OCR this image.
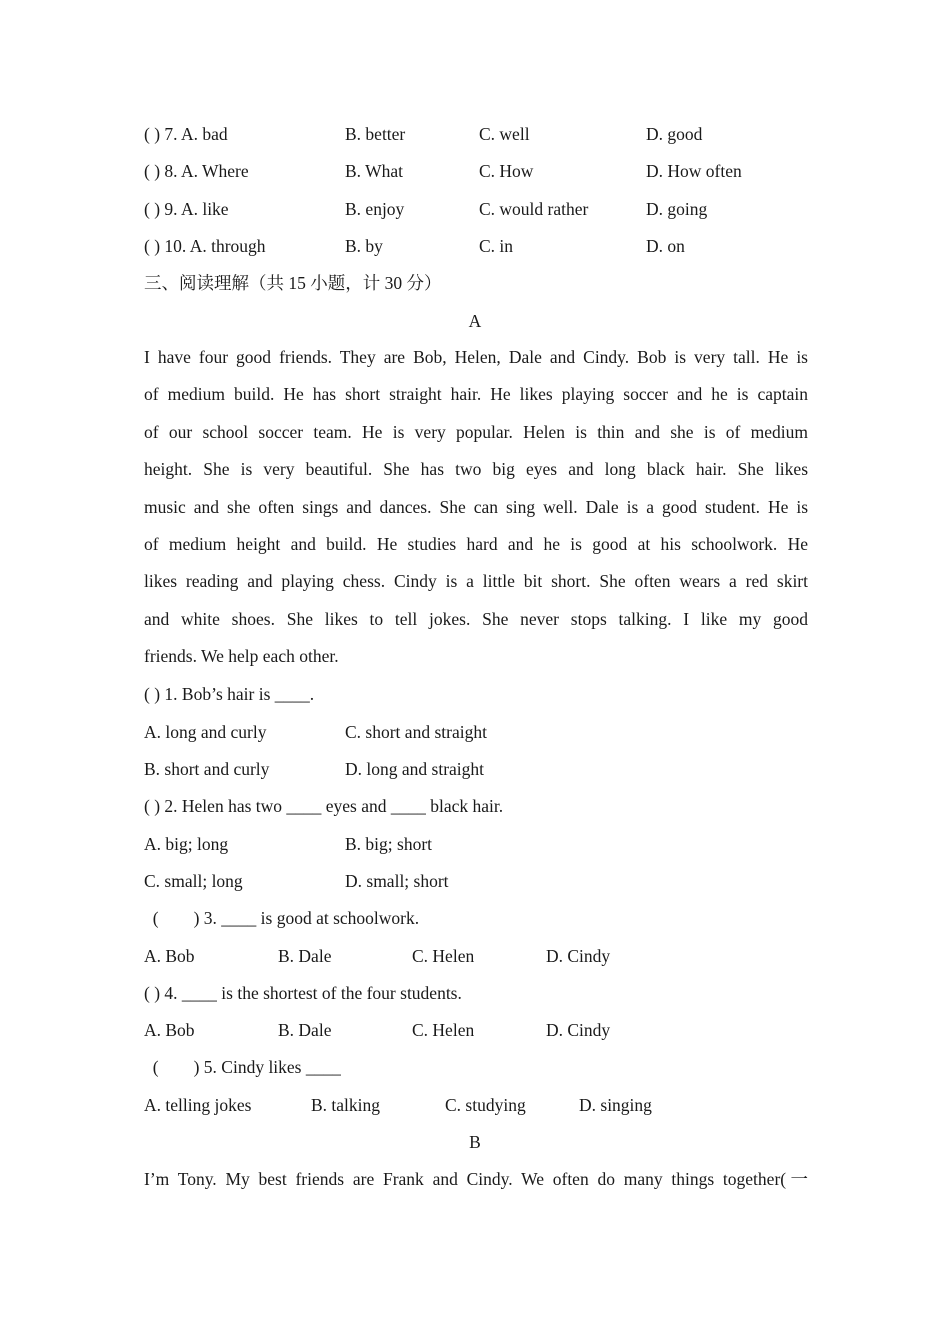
( ) 7. A. bad	B. better	C. well	D. good
( ) 8. A. Where	B. What	C. How	D. How often
( ) 9. A. like	B. enjoy	C. would rather	D. going
( ) 10. A. through	B. by	C. in	D. on
三、阅读理解（共 15 小题，计 30 分）
A

I have four good friends. They are Bob, Helen, Dale and Cindy. Bob is very tall. He is

of medium build. He has short straight hair. He likes playing soccer and he is captain

of our school soccer team. He is very popular. Helen is thin and she is of medium

height. She is very beautiful. She has two big eyes and long black hair. She likes

music and she often sings and dances. She can sing well. Dale is a good student. He is

of medium height and build. He studies hard and he is good at his schoolwork. He

likes reading and playing chess. Cindy is a little bit short. She often wears a red skirt

and white shoes. She likes to tell jokes. She never stops talking. I like my good

friends. We help each other.

( ) 1. Bob’s hair is ____.
A. long and curly	C. short and straight
B. short and curly	D. long and straight
( ) 2. Helen has two ____ eyes and ____ black hair.
A. big; long	B. big; short
C. small; long	D. small; short
(        ) 3. ____ is good at schoolwork.
A. Bob	B. Dale	C. Helen	D. Cindy
( ) 4. ____ is the shortest of the four students.
A. Bob	B. Dale	C. Helen	D. Cindy
(        ) 5. Cindy likes ____
A. telling jokes	B. talking	C. studying	D. singing
B

I’m Tony. My best friends are Frank and Cindy. We often do many things together(一
